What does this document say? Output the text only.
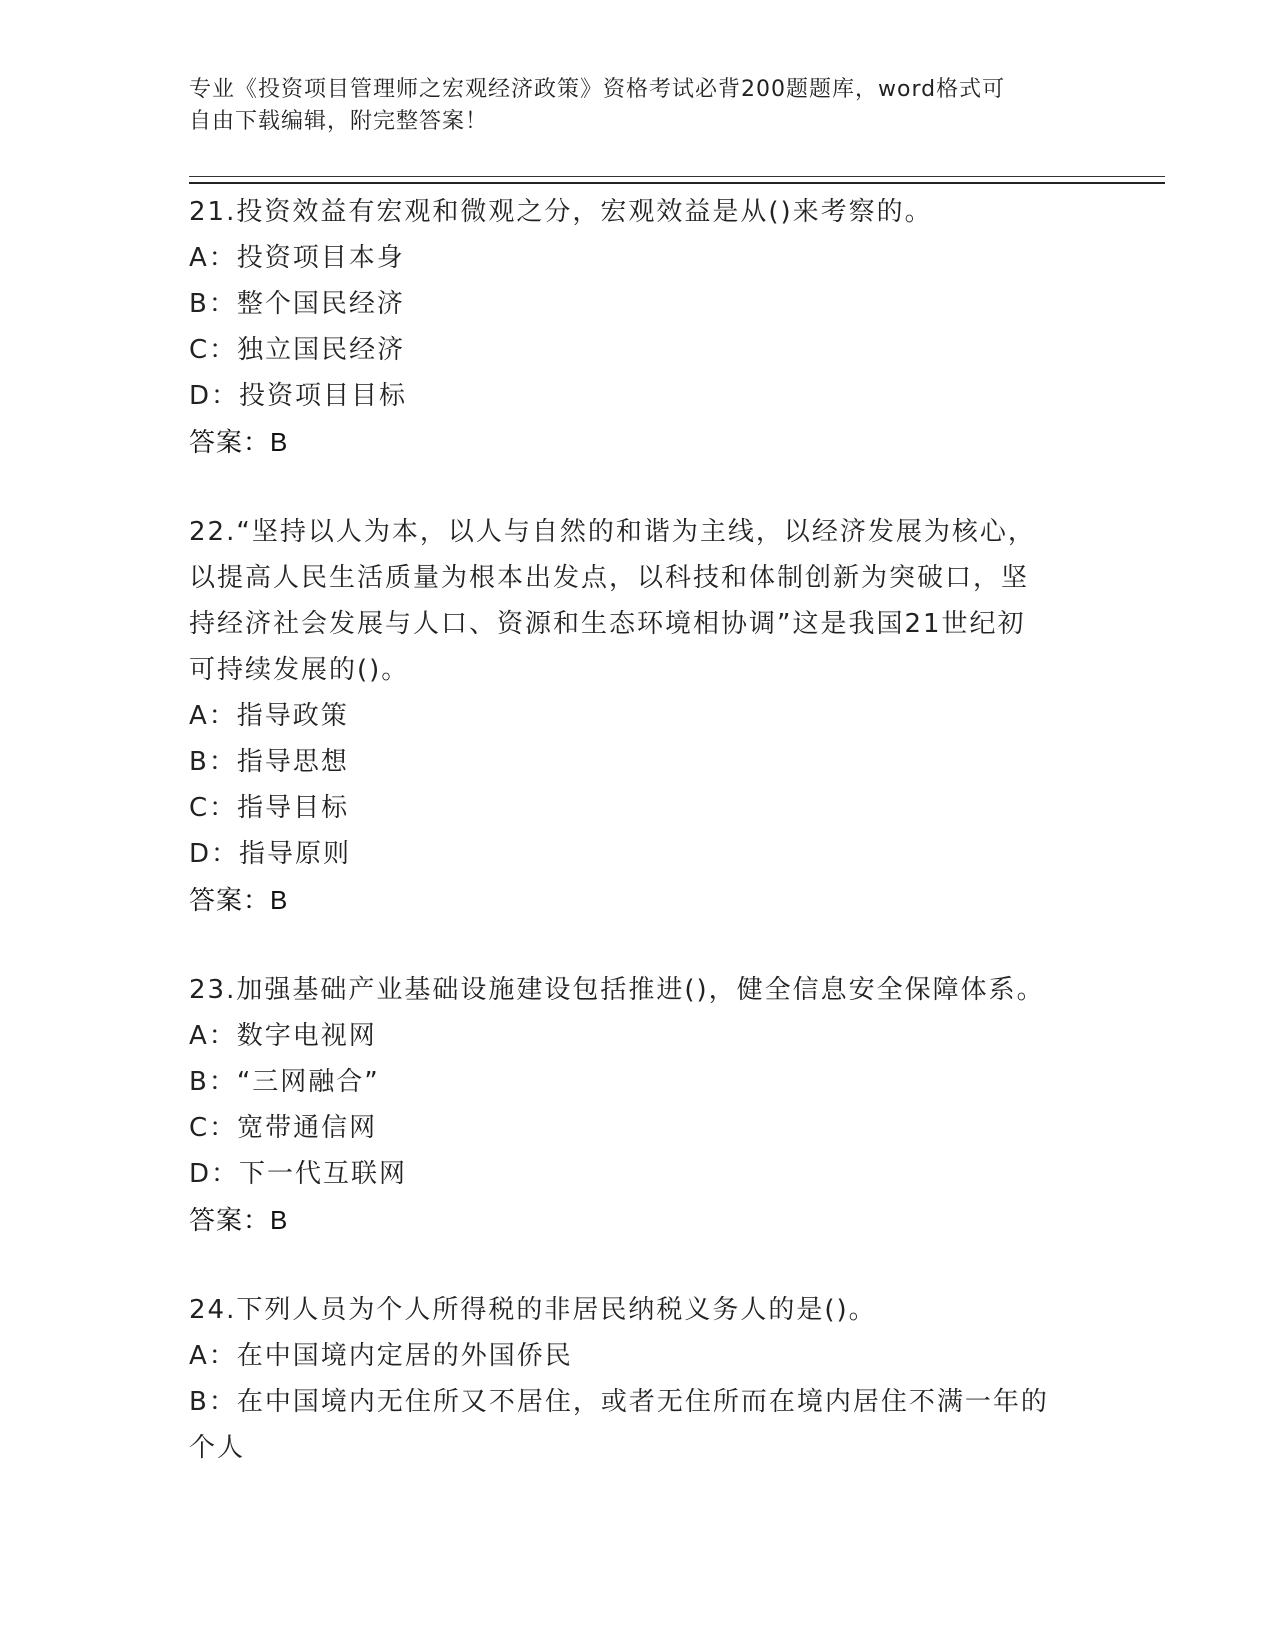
专业《投资项目管理师之宏观经济政策》资格考试必背200题题库，word格式可
自由下载编辑，附完整答案！

21.投资效益有宏观和微观之分，宏观效益是从()来考察的。

A：投资项目本身

B：整个国民经济

C：独立国民经济

D：投资项目目标

答案：B

22.“坚持以人为本，以人与自然的和谐为主线，以经济发展为核心，

以提高人民生活质量为根本出发点，以科技和体制创新为突破口，坚

持经济社会发展与人口、资源和生态环境相协调”这是我国21世纪初

可持续发展的()。

A：指导政策

B：指导思想

C：指导目标

D：指导原则

答案：B

23.加强基础产业基础设施建设包括推进()，健全信息安全保障体系。

A：数字电视网

B：“三网融合”

C：宽带通信网

D：下一代互联网

答案：B

24.下列人员为个人所得税的非居民纳税义务人的是()。

A：在中国境内定居的外国侨民

B：在中国境内无住所又不居住，或者无住所而在境内居住不满一年的

个人
